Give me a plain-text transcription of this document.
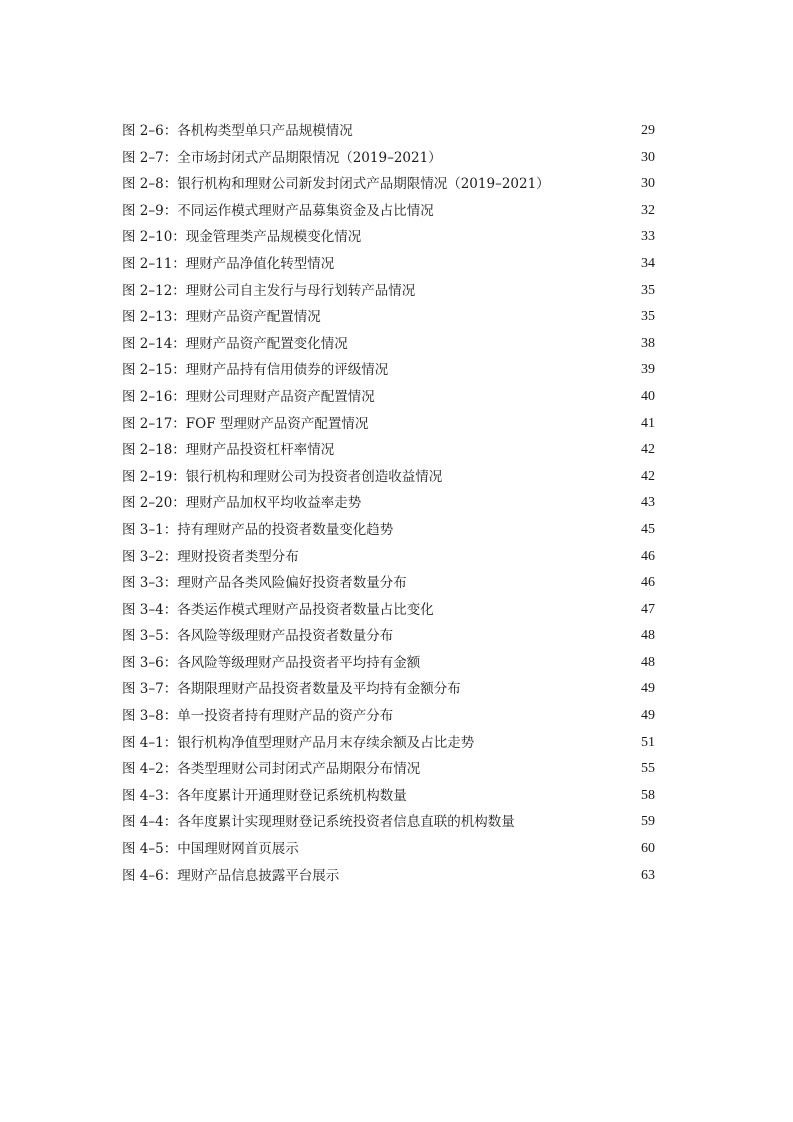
图 2–6：各机构类型单只产品规模情况	29
图 2–7：全市场封闭式产品期限情况（2019–2021）	30
图 2–8：银行机构和理财公司新发封闭式产品期限情况（2019–2021）	30
图 2–9：不同运作模式理财产品募集资金及占比情况	32
图 2–10：现金管理类产品规模变化情况	33
图 2–11：理财产品净值化转型情况	34
图 2–12：理财公司自主发行与母行划转产品情况	35
图 2–13：理财产品资产配置情况	35
图 2–14：理财产品资产配置变化情况	38
图 2–15：理财产品持有信用债券的评级情况	39
图 2–16：理财公司理财产品资产配置情况	40
图 2–17：FOF 型理财产品资产配置情况	41
图 2–18：理财产品投资杠杆率情况	42
图 2–19：银行机构和理财公司为投资者创造收益情况	42
图 2–20：理财产品加权平均收益率走势	43
图 3–1：持有理财产品的投资者数量变化趋势	45
图 3–2：理财投资者类型分布	46
图 3–3：理财产品各类风险偏好投资者数量分布	46
图 3–4：各类运作模式理财产品投资者数量占比变化	47
图 3–5：各风险等级理财产品投资者数量分布	48
图 3–6：各风险等级理财产品投资者平均持有金额	48
图 3–7：各期限理财产品投资者数量及平均持有金额分布	49
图 3–8：单一投资者持有理财产品的资产分布	49
图 4–1：银行机构净值型理财产品月末存续余额及占比走势	51
图 4–2：各类型理财公司封闭式产品期限分布情况	55
图 4–3：各年度累计开通理财登记系统机构数量	58
图 4–4：各年度累计实现理财登记系统投资者信息直联的机构数量	59
图 4–5：中国理财网首页展示	60
图 4–6：理财产品信息披露平台展示	63
